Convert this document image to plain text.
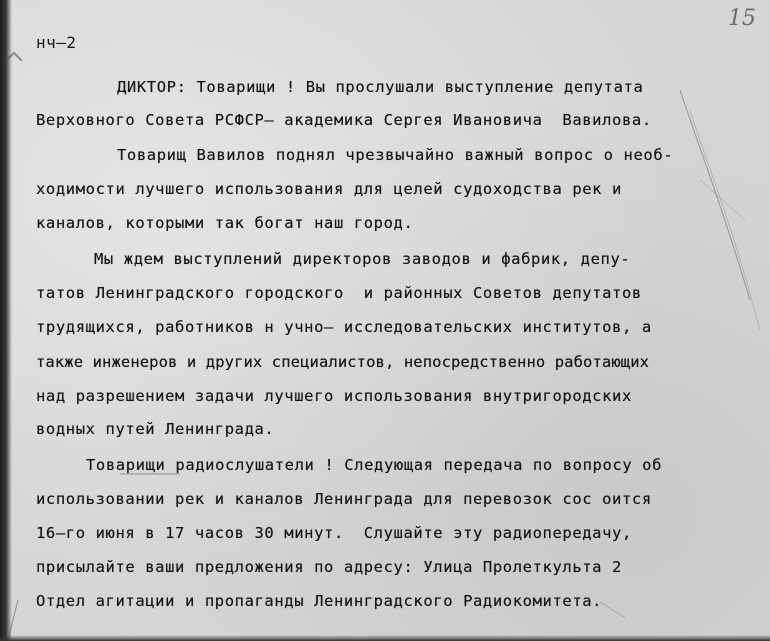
15
нч–2
ДИКТОР: Товарищи ! Вы прослушали выступление депутата
Верховного Совета РСФСР– академика Сергея Ивановича  Вавилова.
Товарищ Вавилов поднял чрезвычайно важный вопрос о необ-
ходимости лучшего использования для целей судоходства рек и
каналов, которыми так богат наш город.
Мы ждем выступлений директоров заводов и фабрик, депу-
татов Ленинградского городского  и районных Советов депутатов
трудящихся, работников н учно– исследовательских институтов, а
также инженеров и других специалистов, непосредственно работающих
над разрешением задачи лучшего использования внутригородских
водных путей Ленинграда.
Товарищи радиослушатели ! Следующая передача по вопросу об
использовании рек и каналов Ленинграда для перевозок сос оится
16–го июня в 17 часов 30 минут.  Слушайте эту радиопередачу,
присылайте ваши предложения по адресу: Улица Пролеткульта 2
Отдел агитации и пропаганды Ленинградского Радиокомитета.
